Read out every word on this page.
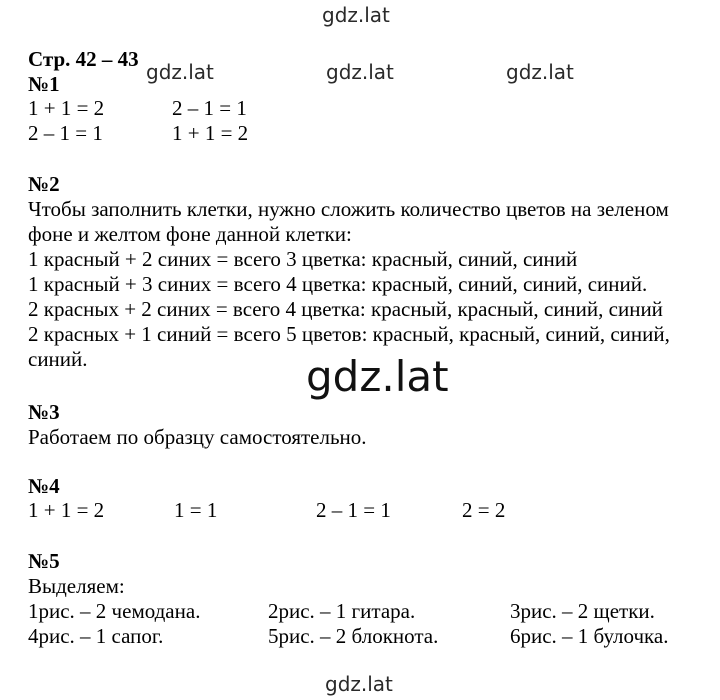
gdz.lat
gdz.lat	gdz.lat	gdz.lat
gdz.lat
gdz.lat
Стр. 42 – 43
№1
1 + 1 = 2	2 – 1 = 1
2 – 1 = 1	1 + 1 = 2
№2
Чтобы заполнить клетки, нужно сложить количество цветов на зеленом
фоне и желтом фоне данной клетки:
1 красный + 2 синих = всего 3 цветка: красный, синий, синий
1 красный + 3 синих = всего 4 цветка: красный, синий, синий, синий.
2 красных + 2 синих = всего 4 цветка: красный, красный, синий, синий
2 красных + 1 синий = всего 5 цветов: красный, красный, синий, синий,
синий.
№3
Работаем по образцу самостоятельно.
№4
1 + 1 = 2	1 = 1	2 – 1 = 1	2 = 2
№5
Выделяем:
1рис. – 2 чемодана.	2рис. – 1 гитара.	3рис. – 2 щетки.
4рис. – 1 сапог.	5рис. – 2 блокнота.	6рис. – 1 булочка.
